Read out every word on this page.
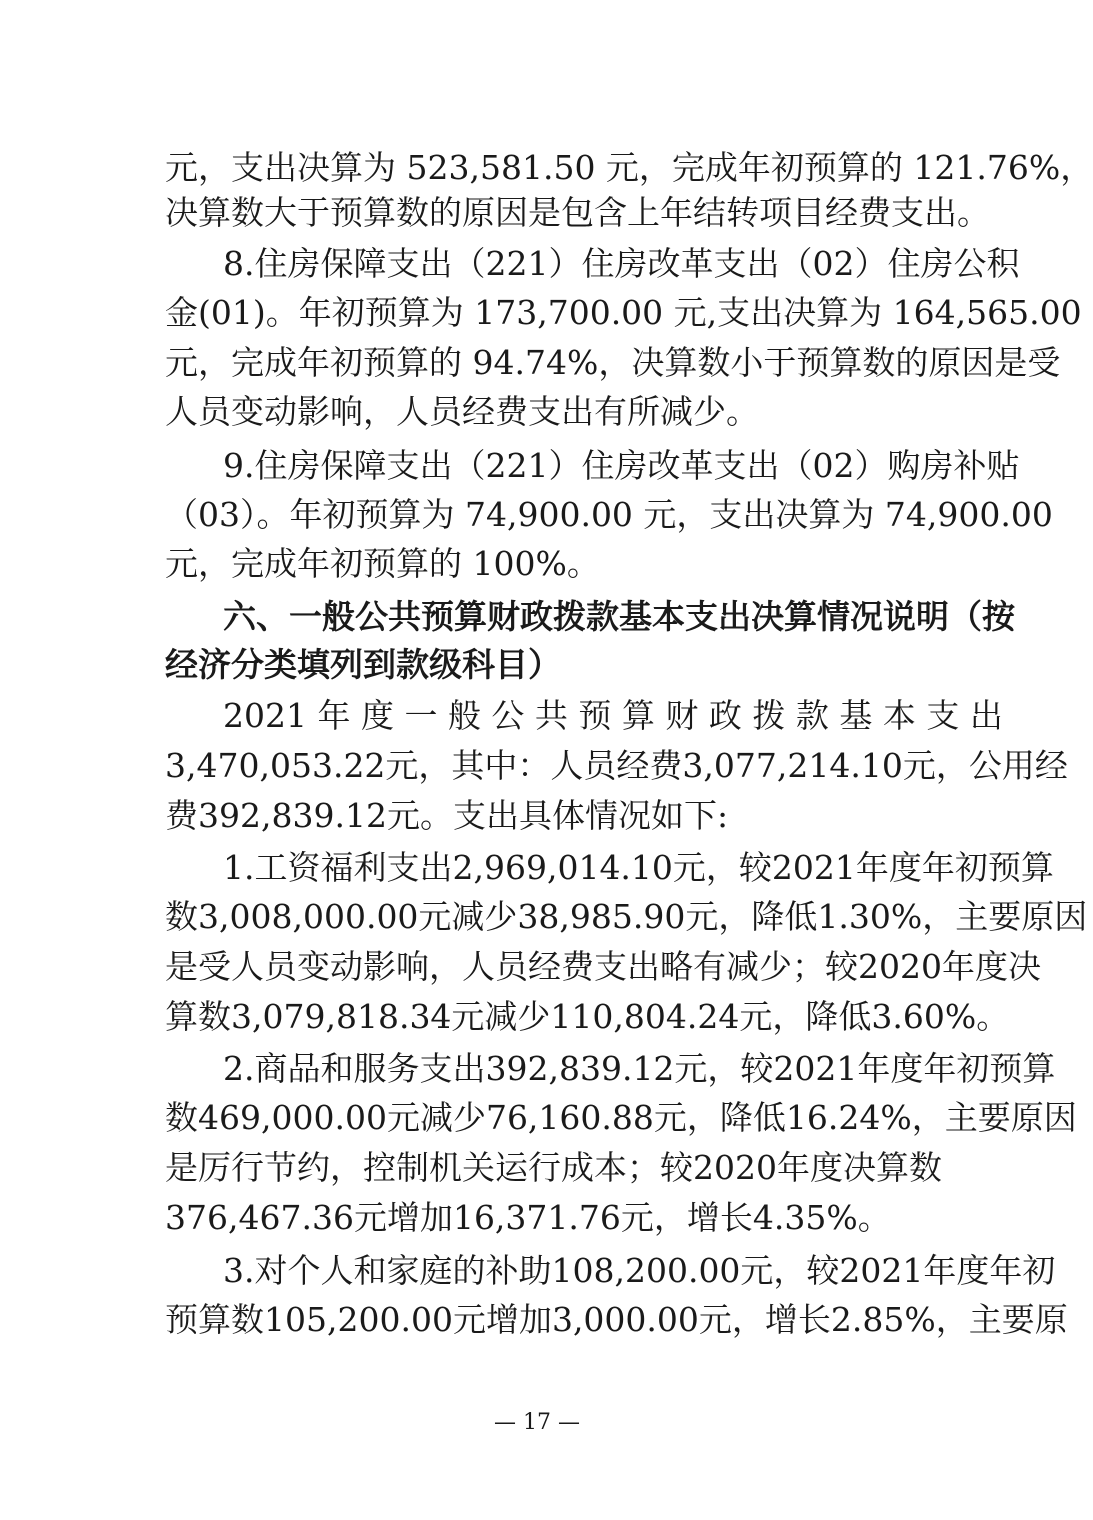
元，支出决算为 523,581.50 元，完成年初预算的 121.76%，
决算数大于预算数的原因是包含上年结转项目经费支出。
8.住房保障支出（221）住房改革支出（02）住房公积
金(01)。年初预算为 173,700.00 元,支出决算为 164,565.00
元，完成年初预算的 94.74%，决算数小于预算数的原因是受
人员变动影响，人员经费支出有所减少。
9.住房保障支出（221）住房改革支出（02）购房补贴
（03）。年初预算为 74,900.00 元，支出决算为 74,900.00
元，完成年初预算的 100%。
六、一般公共预算财政拨款基本支出决算情况说明（按
经济分类填列到款级科目）
2021 年 度 一 般 公 共 预 算 财 政 拨 款 基 本 支 出
3,470,053.22元，其中：人员经费3,077,214.10元，公用经
费392,839.12元。支出具体情况如下:
1.工资福利支出2,969,014.10元，较2021年度年初预算
数3,008,000.00元减少38,985.90元，降低1.30%，主要原因
是受人员变动影响，人员经费支出略有减少；较2020年度决
算数3,079,818.34元减少110,804.24元，降低3.60%。
2.商品和服务支出392,839.12元，较2021年度年初预算
数469,000.00元减少76,160.88元，降低16.24%，主要原因
是厉行节约，控制机关运行成本；较2020年度决算数
376,467.36元增加16,371.76元，增长4.35%。
3.对个人和家庭的补助108,200.00元，较2021年度年初
预算数105,200.00元增加3,000.00元，增长2.85%，主要原
— 17 —
